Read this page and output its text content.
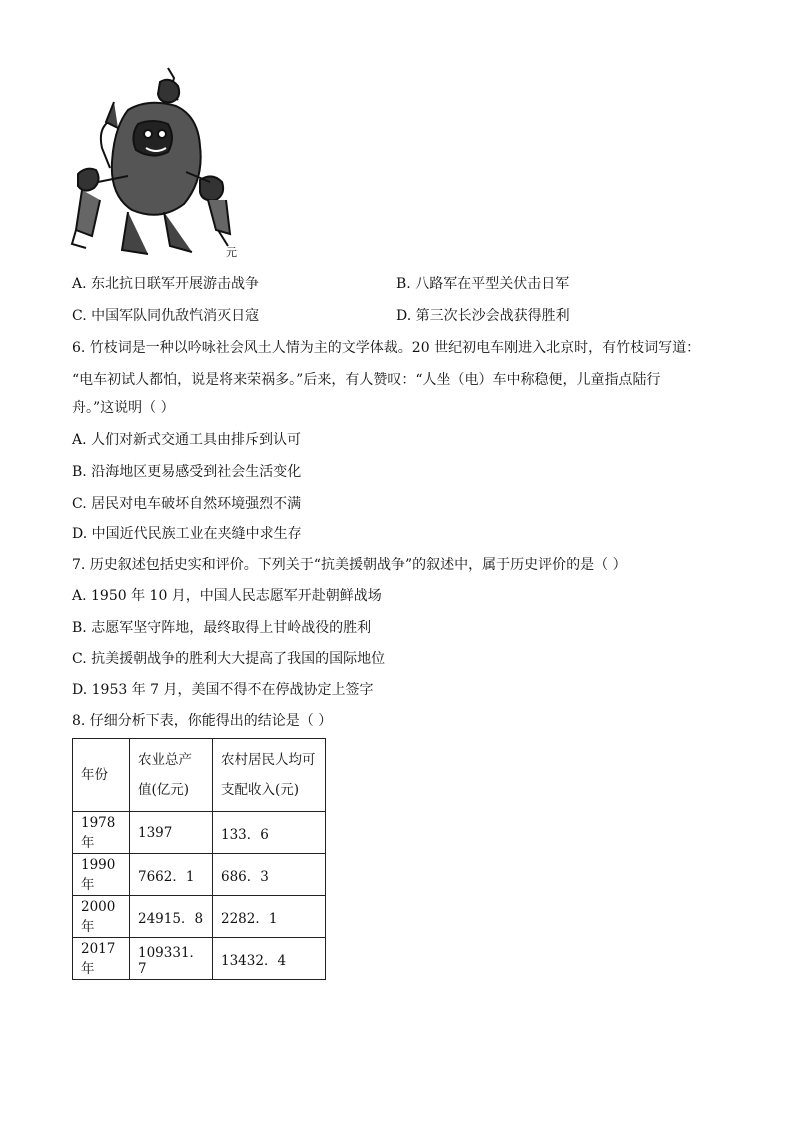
元
A. 东北抗日联军开展游击战争	B. 八路军在平型关伏击日军
C. 中国军队同仇敌忾消灭日寇	D. 第三次长沙会战获得胜利
6. 竹枝词是一种以吟咏社会风土人情为主的文学体裁。20 世纪初电车刚进入北京时，有竹枝词写道：
“电车初试人都怕，说是将来荣祸多。”后来，有人赞叹：“人坐（电）车中称稳便，儿童指点陆行
舟。”这说明（ ）
A. 人们对新式交通工具由排斥到认可
B. 沿海地区更易感受到社会生活变化
C. 居民对电车破坏自然环境强烈不满
D. 中国近代民族工业在夹缝中求生存
7. 历史叙述包括史实和评价。下列关于“抗美援朝战争”的叙述中，属于历史评价的是（ ）
A. 1950 年 10 月，中国人民志愿军开赴朝鲜战场
B. 志愿军坚守阵地，最终取得上甘岭战役的胜利
C. 抗美援朝战争的胜利大大提高了我国的国际地位
D. 1953 年 7 月，美国不得不在停战协定上签字
8. 仔细分析下表，你能得出的结论是（ ）
年份	农业总产值(亿元)	农村居民人均可支配收入(元)
1978年	1397	133．6
1990年	7662．1	686．3
2000年	24915．8	2282．1
2017年	109331．7	13432．4
